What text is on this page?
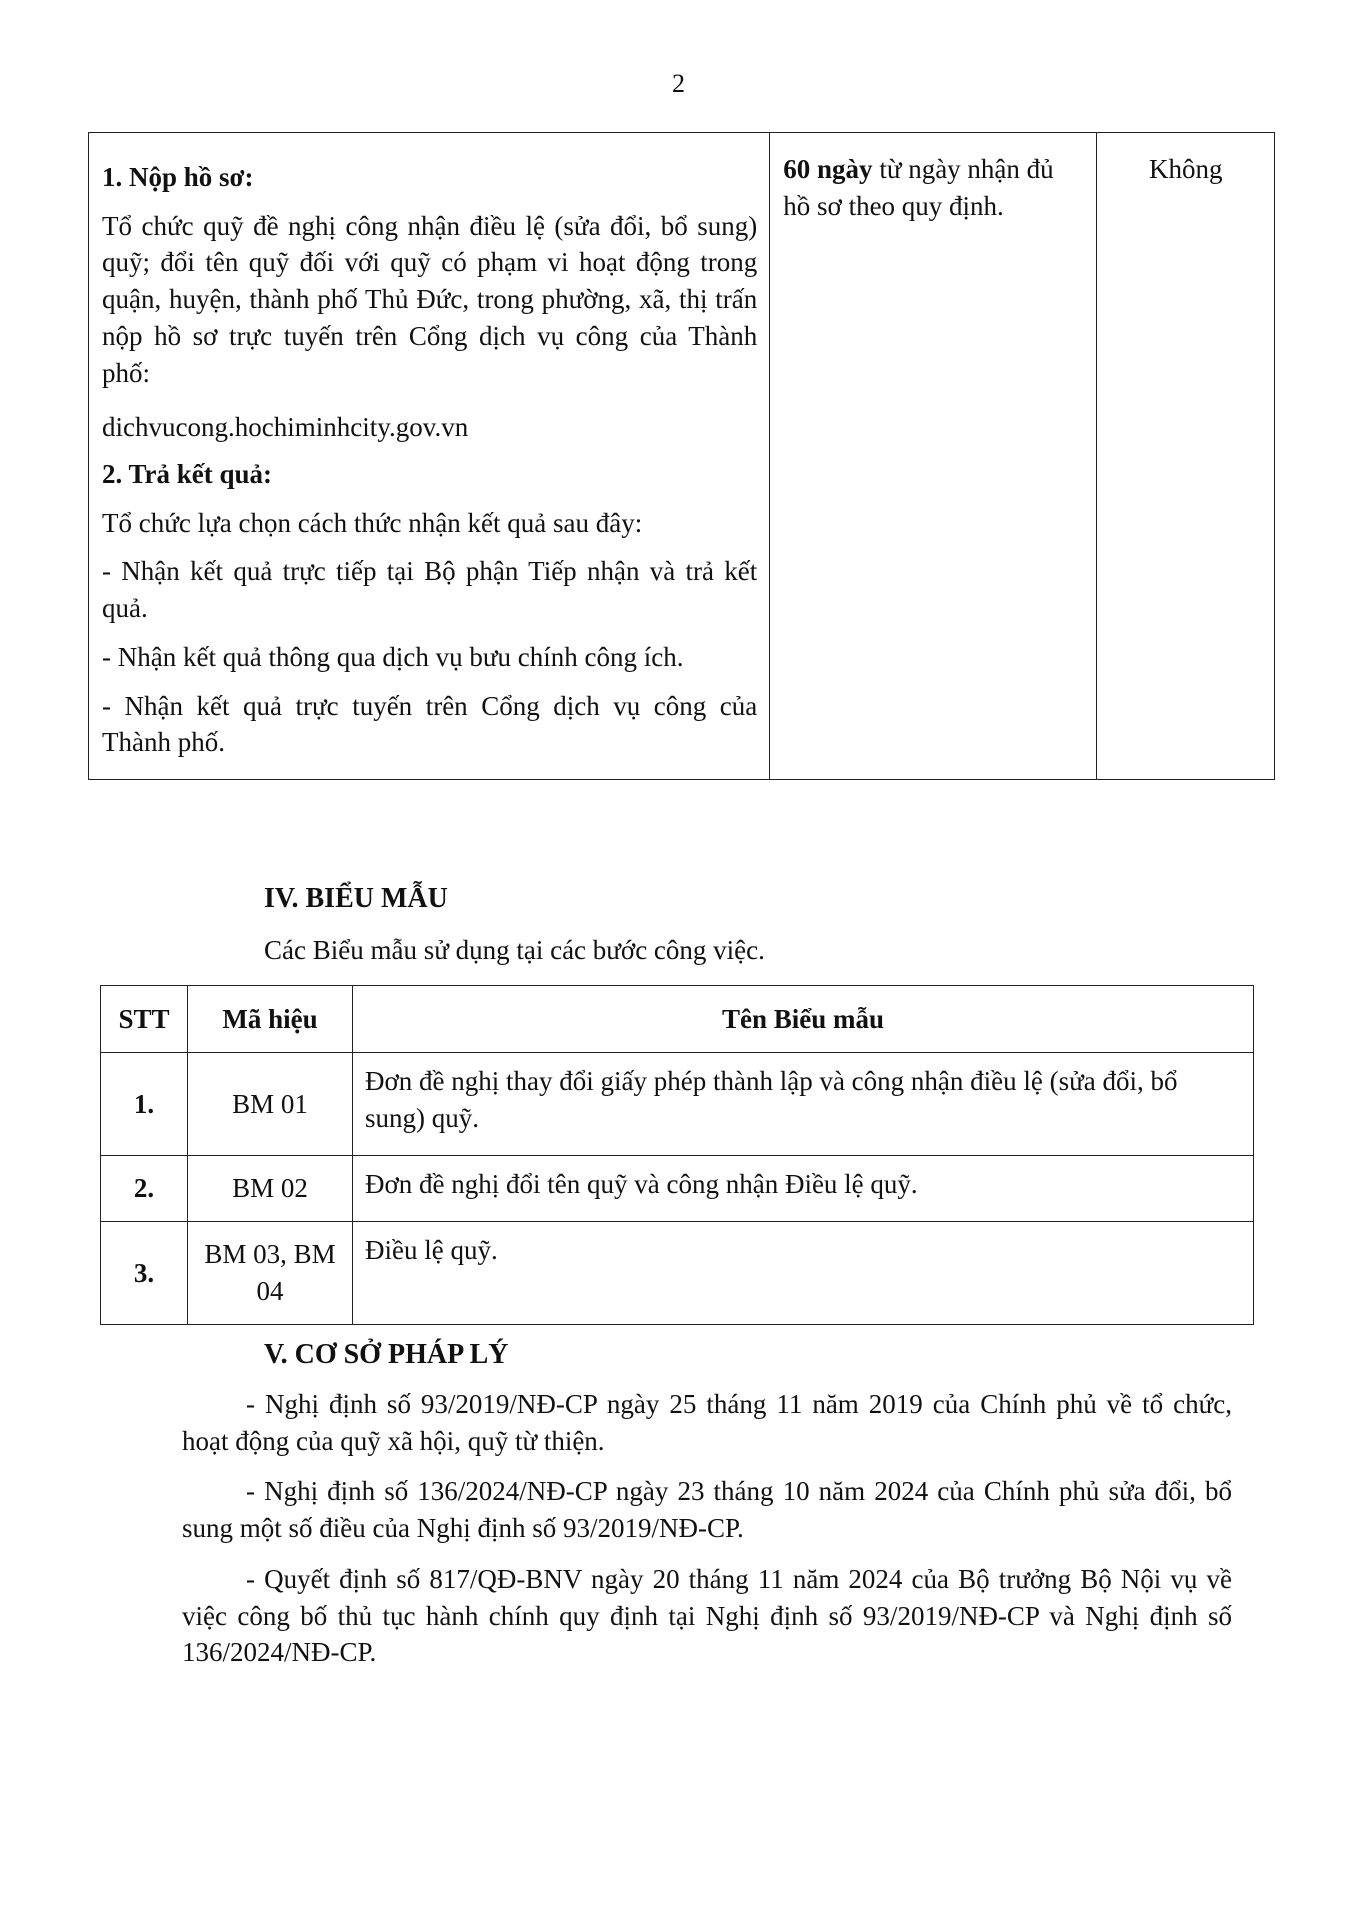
2

1. Nộp hồ sơ:

Tổ chức quỹ đề nghị công nhận điều lệ (sửa đổi, bổ sung) quỹ; đổi tên quỹ đối với quỹ có phạm vi hoạt động trong quận, huyện, thành phố Thủ Đức, trong phường, xã, thị trấn nộp hồ sơ trực tuyến trên Cổng dịch vụ công của Thành phố:

dichvucong.hochiminhcity.gov.vn

2. Trả kết quả:

Tổ chức lựa chọn cách thức nhận kết quả sau đây:

- Nhận kết quả trực tiếp tại Bộ phận Tiếp nhận và trả kết quả.

- Nhận kết quả thông qua dịch vụ bưu chính công ích.

- Nhận kết quả trực tuyến trên Cổng dịch vụ công của Thành phố.

	60 ngày từ ngày nhận đủ hồ sơ theo quy định.	Không
IV. BIỂU MẪU
Các Biểu mẫu sử dụng tại các bước công việc.
STT	Mã hiệu	Tên Biểu mẫu
1.	BM 01	Đơn đề nghị thay đổi giấy phép thành lập và công nhận điều lệ (sửa đổi, bổ sung) quỹ.
2.	BM 02	Đơn đề nghị đổi tên quỹ và công nhận Điều lệ quỹ.
3.	BM 03, BM 04	Điều lệ quỹ.
V. CƠ SỞ PHÁP LÝ

- Nghị định số 93/2019/NĐ-CP ngày 25 tháng 11 năm 2019 của Chính phủ về tổ chức, hoạt động của quỹ xã hội, quỹ từ thiện.

- Nghị định số 136/2024/NĐ-CP ngày 23 tháng 10 năm 2024 của Chính phủ sửa đổi, bổ sung một số điều của Nghị định số 93/2019/NĐ-CP.

- Quyết định số 817/QĐ-BNV ngày 20 tháng 11 năm 2024 của Bộ trưởng Bộ Nội vụ về việc công bố thủ tục hành chính quy định tại Nghị định số 93/2019/NĐ-CP và Nghị định số 136/2024/NĐ-CP.
